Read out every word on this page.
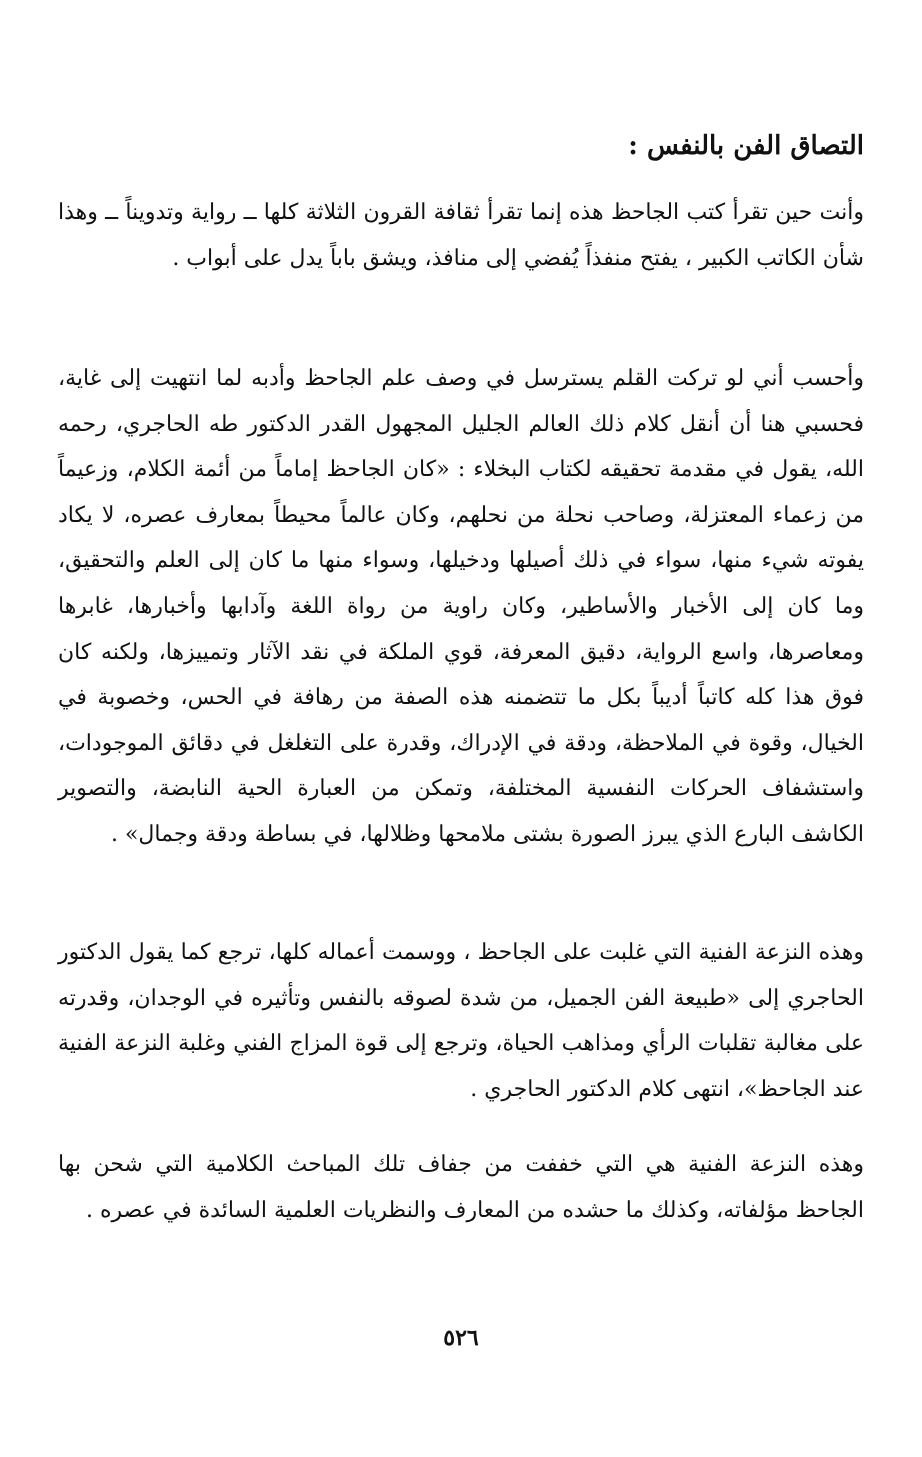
التصاق الفن بالنفس :

وأنت حين تقرأ كتب الجاحظ هذه إنما تقرأ ثقافة القرون الثلاثة كلها ــ رواية وتدويناً ــ وهذا شأن الكاتب الكبير ، يفتح منفذاً يُفضي إلى منافذ، ويشق باباً يدل على أبواب .

وأحسب أني لو تركت القلم يسترسل في وصف علم الجاحظ وأدبه لما انتهيت إلى غاية، فحسبي هنا أن أنقل كلام ذلك العالم الجليل المجهول القدر الدكتور طه الحاجري، رحمه الله، يقول في مقدمة تحقيقه لكتاب البخلاء : «كان الجاحظ إماماً من أئمة الكلام، وزعيماً من زعماء المعتزلة، وصاحب نحلة من نحلهم، وكان عالماً محيطاً بمعارف عصره، لا يكاد يفوته شيء منها، سواء في ذلك أصيلها ودخيلها، وسواء منها ما كان إلى العلم والتحقيق، وما كان إلى الأخبار والأساطير، وكان راوية من رواة اللغة وآدابها وأخبارها، غابرها ومعاصرها، واسع الرواية، دقيق المعرفة، قوي الملكة في نقد الآثار وتمييزها، ولكنه كان فوق هذا كله كاتباً أديباً بكل ما تتضمنه هذه الصفة من رهافة في الحس، وخصوبة في الخيال، وقوة في الملاحظة، ودقة في الإدراك، وقدرة على التغلغل في دقائق الموجودات، واستشفاف الحركات النفسية المختلفة، وتمكن من العبارة الحية النابضة، والتصوير الكاشف البارع الذي يبرز الصورة بشتى ملامحها وظلالها، في بساطة ودقة وجمال» .

وهذه النزعة الفنية التي غلبت على الجاحظ ، ووسمت أعماله كلها، ترجع كما يقول الدكتور الحاجري إلى «طبيعة الفن الجميل، من شدة لصوقه بالنفس وتأثيره في الوجدان، وقدرته على مغالبة تقلبات الرأي ومذاهب الحياة، وترجع إلى قوة المزاج الفني وغلبة النزعة الفنية عند الجاحظ»، انتهى كلام الدكتور الحاجري .

وهذه النزعة الفنية هي التي خففت من جفاف تلك المباحث الكلامية التي شحن بها الجاحظ مؤلفاته، وكذلك ما حشده من المعارف والنظريات العلمية السائدة في عصره .

٥٢٦
